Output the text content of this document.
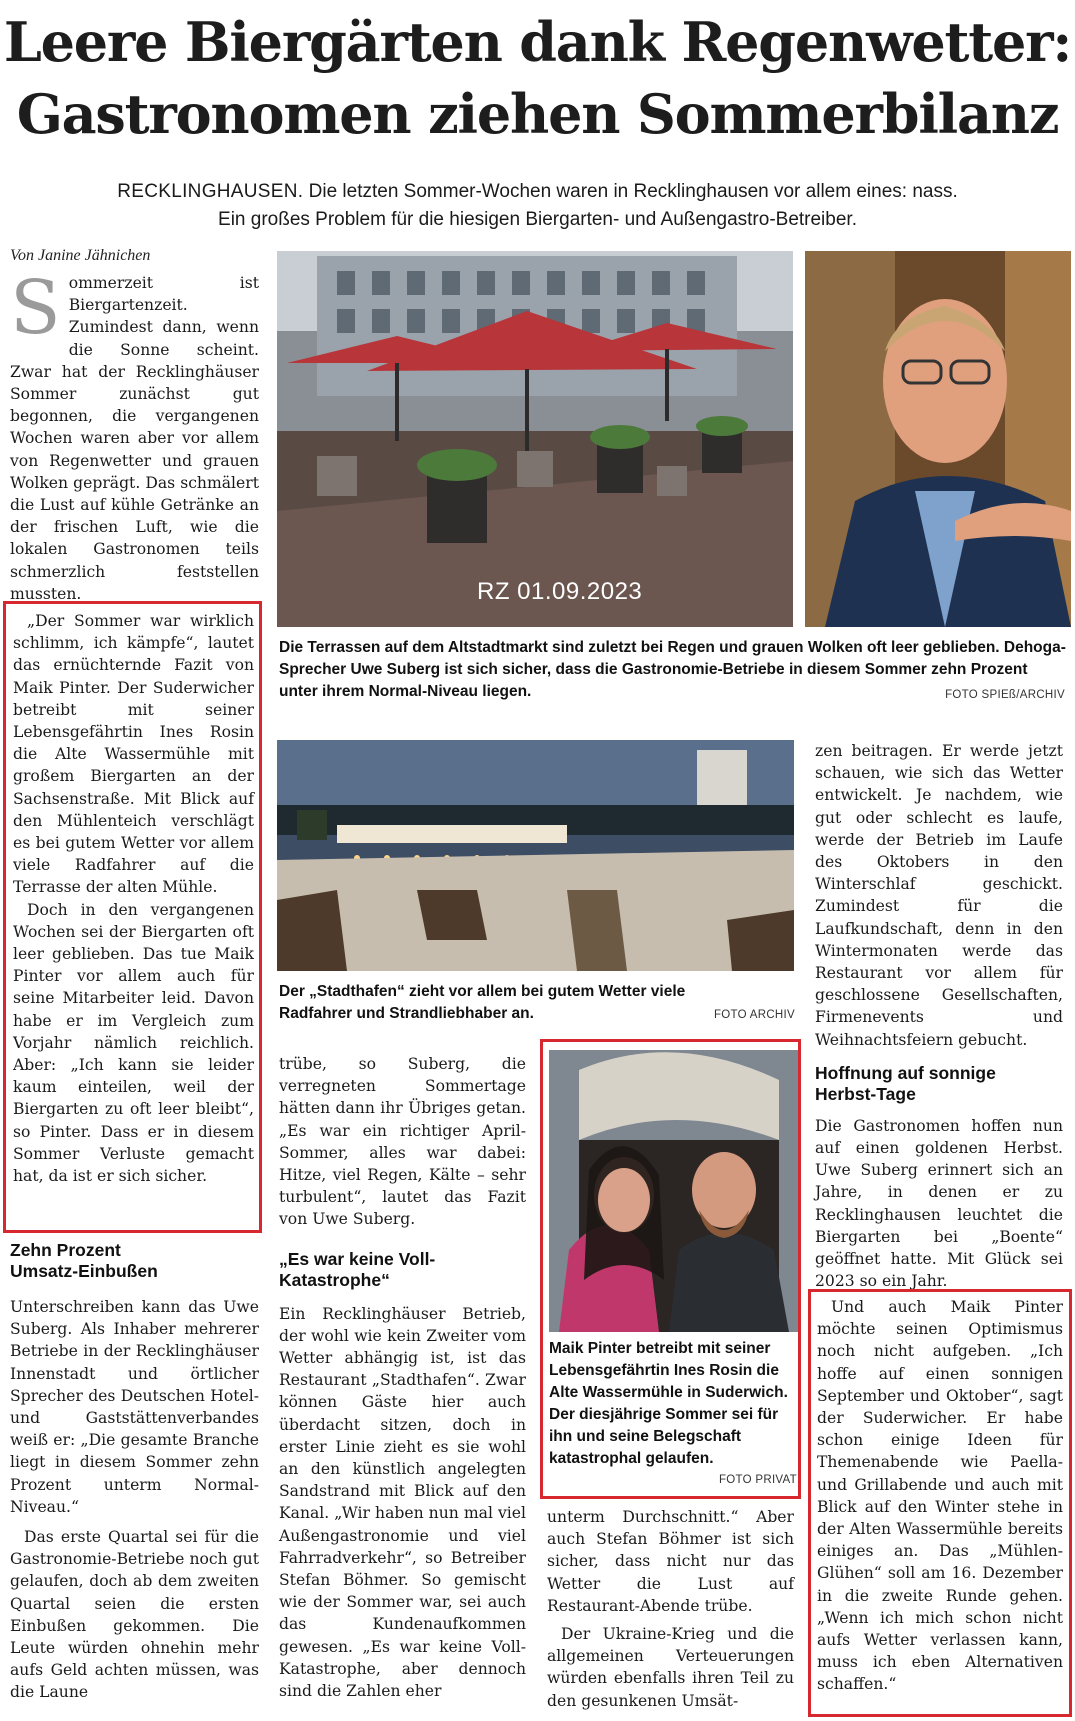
Leere Biergärten dank Regenwetter:
Gastronomen ziehen Sommerbilanz
RECKLINGHAUSEN. Die letzten Sommer-Wochen waren in Recklinghausen vor allem eines: nass.
Ein großes Problem für die hiesigen Biergarten- und Außengastro-Betreiber.
Von Janine Jähnichen

Sommerzeit ist Biergartenzeit. Zumindest dann, wenn die Sonne scheint. Zwar hat der Recklinghäuser Sommer zunächst gut begonnen, die vergangenen Wochen waren aber vor allem von Regenwetter und grauen Wolken geprägt. Das schmälert die Lust auf kühle Getränke an der frischen Luft, wie die lokalen Gastronomen teils schmerzlich feststellen mussten.

„Der Sommer war wirklich schlimm, ich kämpfe“, lautet das ernüchternde Fazit von Maik Pinter. Der Suderwicher betreibt mit seiner Lebensgefährtin Ines Rosin die Alte Wassermühle mit großem Biergarten an der Sachsenstraße. Mit Blick auf den Mühlenteich verschlägt es bei gutem Wetter vor allem viele Radfahrer auf die Terrasse der alten Mühle.

Doch in den vergangenen Wochen sei der Biergarten oft leer geblieben. Das tue Maik Pinter vor allem auch für seine Mitarbeiter leid. Davon habe er im Vergleich zum Vorjahr nämlich reichlich. Aber: „Ich kann sie leider kaum einteilen, weil der Biergarten zu oft leer bleibt“, so Pinter. Dass er in diesem Sommer Verluste gemacht hat, da ist er sich sicher.

Zehn Prozent Umsatz-Einbußen

Unterschreiben kann das Uwe Suberg. Als Inhaber mehrerer Betriebe in der Recklinghäuser Innenstadt und örtlicher Sprecher des Deutschen Hotel- und Gaststättenverbandes weiß er: „Die gesamte Branche liegt in diesem Sommer zehn Prozent unterm Normal-Niveau.“

Das erste Quartal sei für die Gastronomie-Betriebe noch gut gelaufen, doch ab dem zweiten Quartal seien die ersten Einbußen gekommen. Die Leute würden ohnehin mehr aufs Geld achten müssen, was die Laune

RZ 01.09.2023

Die Terrassen auf dem Altstadtmarkt sind zuletzt bei Regen und grauen Wolken oft leer geblieben. Dehoga-Sprecher Uwe Suberg ist sich sicher, dass die Gastronomie-Betriebe in diesem Sommer zehn Prozent unter ihrem Normal-Niveau liegen.	FOTO SPIEß/ARCHIV

Der „Stadthafen“ zieht vor allem bei gutem Wetter viele Radfahrer und Strandliebhaber an.	FOTO ARCHIV

trübe, so Suberg, die verregneten Sommertage hätten dann ihr Übriges getan. „Es war ein richtiger April-Sommer, alles war dabei: Hitze, viel Regen, Kälte – sehr turbulent“, lautet das Fazit von Uwe Suberg.

„Es war keine Voll-Katastrophe“

Ein Recklinghäuser Betrieb, der wohl wie kein Zweiter vom Wetter abhängig ist, ist das Restaurant „Stadthafen“. Zwar können Gäste hier auch überdacht sitzen, doch in erster Linie zieht es sie wohl an den künstlich angelegten Sandstrand mit Blick auf den Kanal. „Wir haben nun mal viel Außengastronomie und viel Fahrradverkehr“, so Betreiber Stefan Böhmer. So gemischt wie der Sommer war, sei auch das Kundenaufkommen gewesen. „Es war keine Voll-Katastrophe, aber dennoch sind die Zahlen eher

Maik Pinter betreibt mit seiner Lebensgefährtin Ines Rosin die Alte Wassermühle in Suderwich. Der diesjährige Sommer sei für ihn und seine Belegschaft katastrophal gelaufen.

FOTO PRIVAT

unterm Durchschnitt.“ Aber auch Stefan Böhmer ist sich sicher, dass nicht nur das Wetter die Lust auf Restaurant-Abende trübe.

Der Ukraine-Krieg und die allgemeinen Verteuerungen würden ebenfalls ihren Teil zu den gesunkenen Umsät-

zen beitragen. Er werde jetzt schauen, wie sich das Wetter entwickelt. Je nachdem, wie gut oder schlecht es laufe, werde der Betrieb im Laufe des Oktobers in den Winterschlaf geschickt. Zumindest für die Laufkundschaft, denn in den Wintermonaten werde das Restaurant vor allem für geschlossene Gesellschaften, Firmenevents und Weihnachtsfeiern gebucht.

Hoffnung auf sonnige Herbst-Tage

Die Gastronomen hoffen nun auf einen goldenen Herbst. Uwe Suberg erinnert sich an Jahre, in denen er zu Recklinghausen leuchtet die Biergarten bei „Boente“ geöffnet hatte. Mit Glück sei 2023 so ein Jahr.

Und auch Maik Pinter möchte seinen Optimismus noch nicht aufgeben. „Ich hoffe auf einen sonnigen September und Oktober“, sagt der Suderwicher. Er habe schon einige Ideen für Themenabende wie Paella- und Grillabende und auch mit Blick auf den Winter stehe in der Alten Wassermühle bereits einiges an. Das „Mühlen-Glühen“ soll am 16. Dezember in die zweite Runde gehen. „Wenn ich mich schon nicht aufs Wetter verlassen kann, muss ich eben Alternativen schaffen.“
